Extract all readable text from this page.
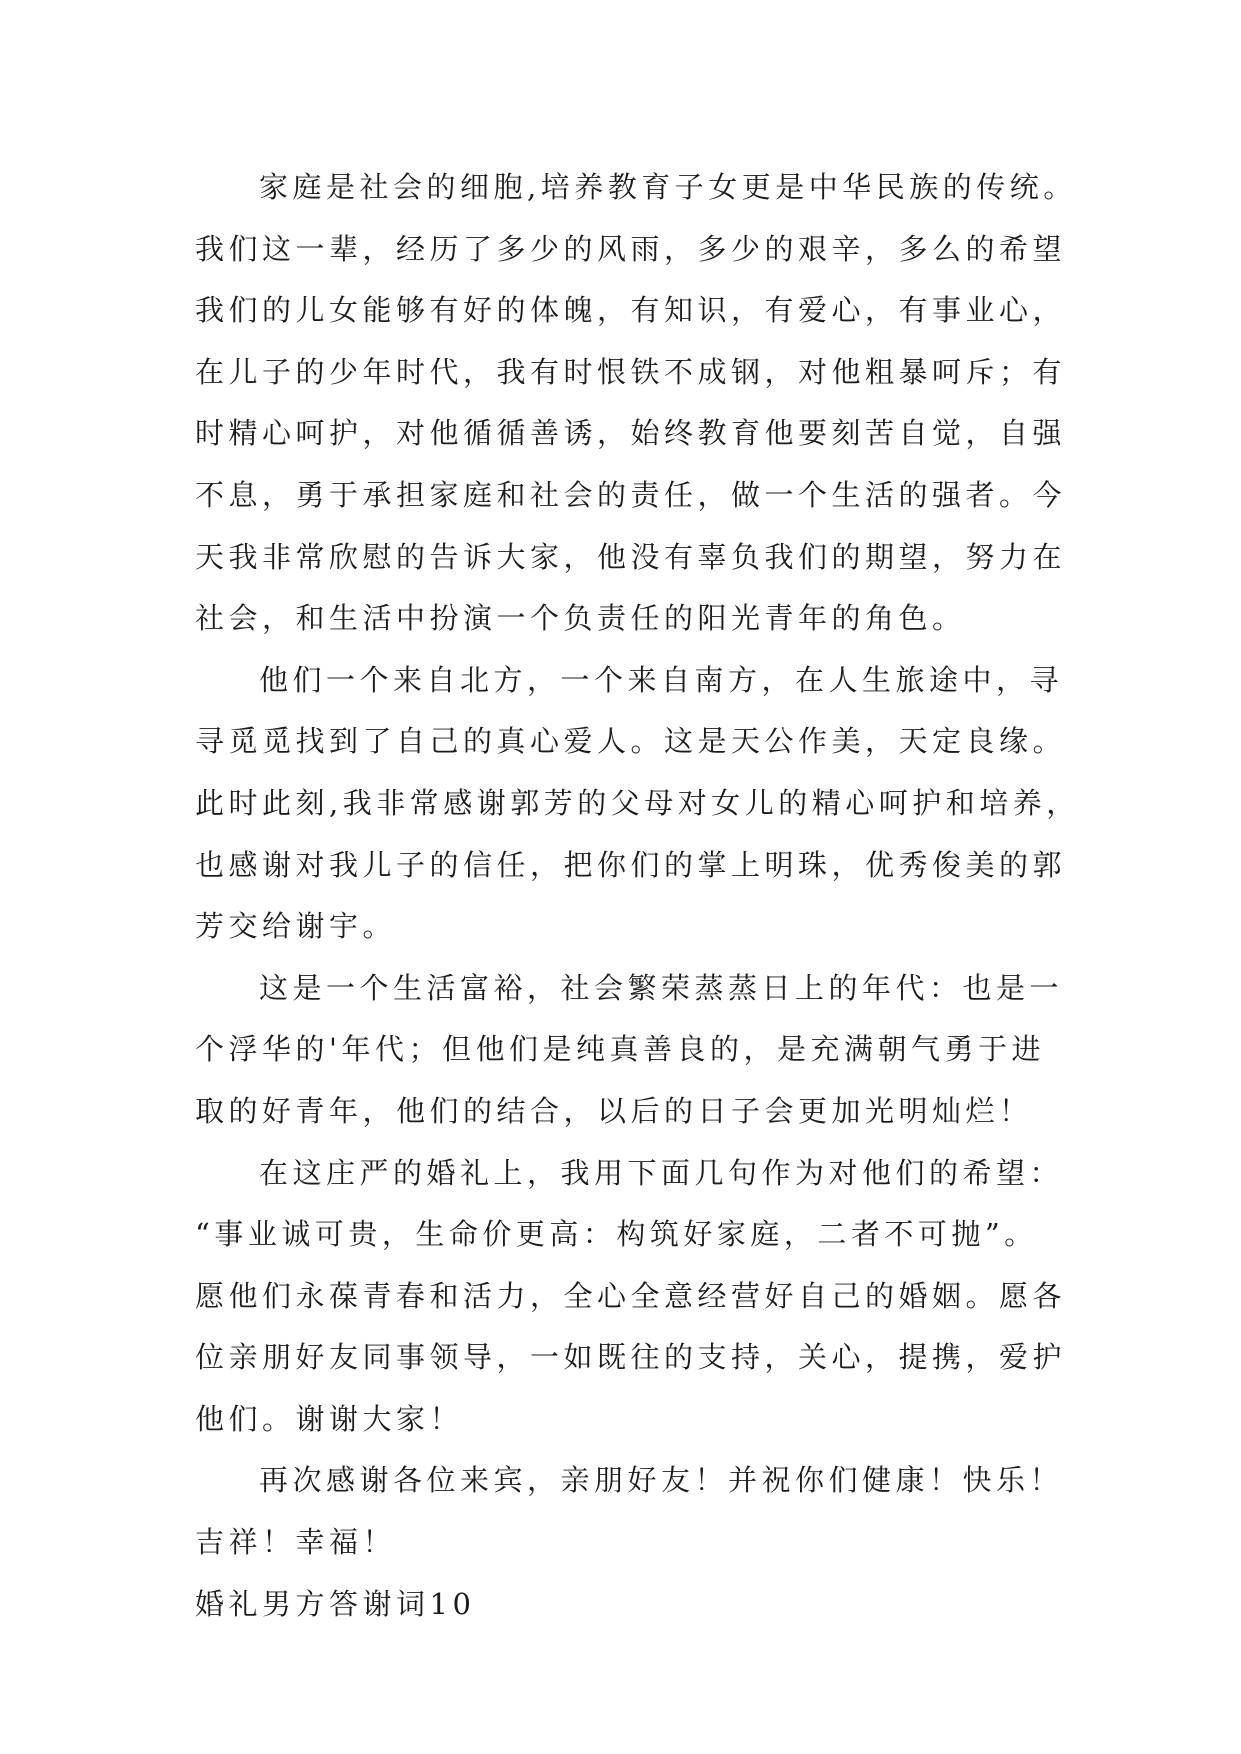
家庭是社会的细胞,培养教育子女更是中华民族的传统。
我们这一辈，经历了多少的风雨，多少的艰辛，多么的希望
我们的儿女能够有好的体魄，有知识，有爱心，有事业心，
在儿子的少年时代，我有时恨铁不成钢，对他粗暴呵斥；有
时精心呵护，对他循循善诱，始终教育他要刻苦自觉，自强
不息，勇于承担家庭和社会的责任，做一个生活的强者。今
天我非常欣慰的告诉大家，他没有辜负我们的期望，努力在
社会，和生活中扮演一个负责任的阳光青年的角色。
他们一个来自北方，一个来自南方，在人生旅途中，寻
寻觅觅找到了自己的真心爱人。这是天公作美，天定良缘。
此时此刻,我非常感谢郭芳的父母对女儿的精心呵护和培养，
也感谢对我儿子的信任，把你们的掌上明珠，优秀俊美的郭
芳交给谢宇。
这是一个生活富裕，社会繁荣蒸蒸日上的年代：也是一
个浮华的'年代；但他们是纯真善良的，是充满朝气勇于进
取的好青年，他们的结合，以后的日子会更加光明灿烂！
在这庄严的婚礼上，我用下面几句作为对他们的希望：
“事业诚可贵，生命价更高：构筑好家庭，二者不可抛”。
愿他们永葆青春和活力，全心全意经营好自己的婚姻。愿各
位亲朋好友同事领导，一如既往的支持，关心，提携，爱护
他们。谢谢大家！
再次感谢各位来宾，亲朋好友！并祝你们健康！快乐！
吉祥！幸福！
婚礼男方答谢词10
